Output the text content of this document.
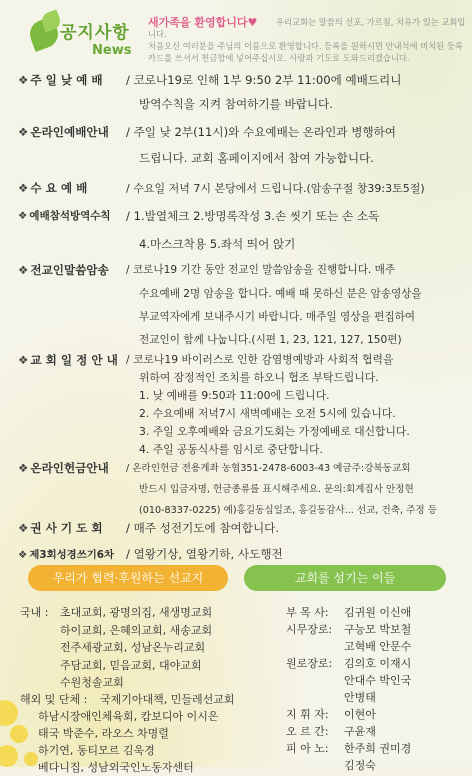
공지사항
News
새가족을 환영합니다♥	우리교회는 말씀의 선포, 가르침, 치유가 있는 교회입니다.
처음오신 여러분을 주님의 이름으로 환영합니다. 등록을 원하시면 안내석에 비치된 등록카드를 쓰셔서 헌금함에 넣어주십시오. 사랑과 기도로 도와드리겠습니다.
❖ 주 일 낮 예 배	/ 코로나19로 인해 1부 9:50 2부 11:00에 예배드리니
방역수칙을 지켜 참여하기를 바랍니다.
❖ 온라인예배안내	/ 주일 낮 2부(11시)와 수요예배는 온라인과 병행하여
드립니다. 교회 홈페이지에서 참여 가능합니다.
❖ 수 요 예 배	/ 수요일 저녁 7시 본당에서 드립니다.(암송구절 창39:3토5절)
❖ 예배참석방역수칙	/ 1.발열체크 2.방명록작성 3.손 씻기 또는 손 소독
4.마스크착용 5.좌석 띄어 앉기
❖ 전교인말씀암송	/ 코로나19 기간 동안 전교인 말씀암송을 진행합니다. 매주
수요예배 2명 암송을 합니다. 예배 때 못하신 분은 암송영상을
부교역자에게 보내주시기 바랍니다. 매주일 영상을 편집하여
전교인이 함께 나눕니다.(시편 1, 23, 121, 127, 150편)
❖ 교 회 일 정 안 내 / 코로나19 바이러스로 인한 감염병예방과 사회적 협력을
위하여 잠정적인 조치를 하오니 협조 부탁드립니다.
1. 낮 예배를 9:50과 11:00에 드립니다.
2. 수요예배 저녁7시 새벽예배는 오전 5시에 있습니다.
3. 주일 오후예배와 금요기도회는 가정예배로 대신합니다.
4. 주일 공동식사를 임시로 중단합니다.
❖ 온라인헌금안내	/ 온라인헌금 전용계좌 농협351-2478-6003-43 예금주:강북동교회
반드시 입금자명, 헌금종류를 표시해주세요. 문의:회계집사 안정현
(010-8337-0225) 예)홍길동십일조, 홍길동감사... 선교, 건축, 주정 등
❖ 권 사 기 도 회	/ 매주 성전기도에 참여합니다.
❖ 제3회성경쓰기6차	/ 열왕기상, 열왕기하, 사도행전
우리가 협력·후원하는 선교지	교회를 섬기는 이들
국내 : 초대교회, 광명의집, 새생명교회
하이교회, 은혜의교회, 새송교회
전주세광교회, 성남온누리교회
주담교회, 믿음교회, 대야교회
수원청솔교회
해외 및 단체 : 국제기아대책, 민들레선교회
하남시장애인체육회, 캄보디아 이시은
태국 박준수, 라오스 차명렬
하기연, 동티모르 김욱경
베다니집, 성남외국인노동자센터
부 목 사:	김귀원 이신애
시무장로:	구능모 박보철
고혁배 안문수
원로장로:	김의호 이재시
안대수 박인국
안병태
지 휘 자:	이현아
오 르 간:	구윤재
피 아 노:	한주희 권미경
김정숙
